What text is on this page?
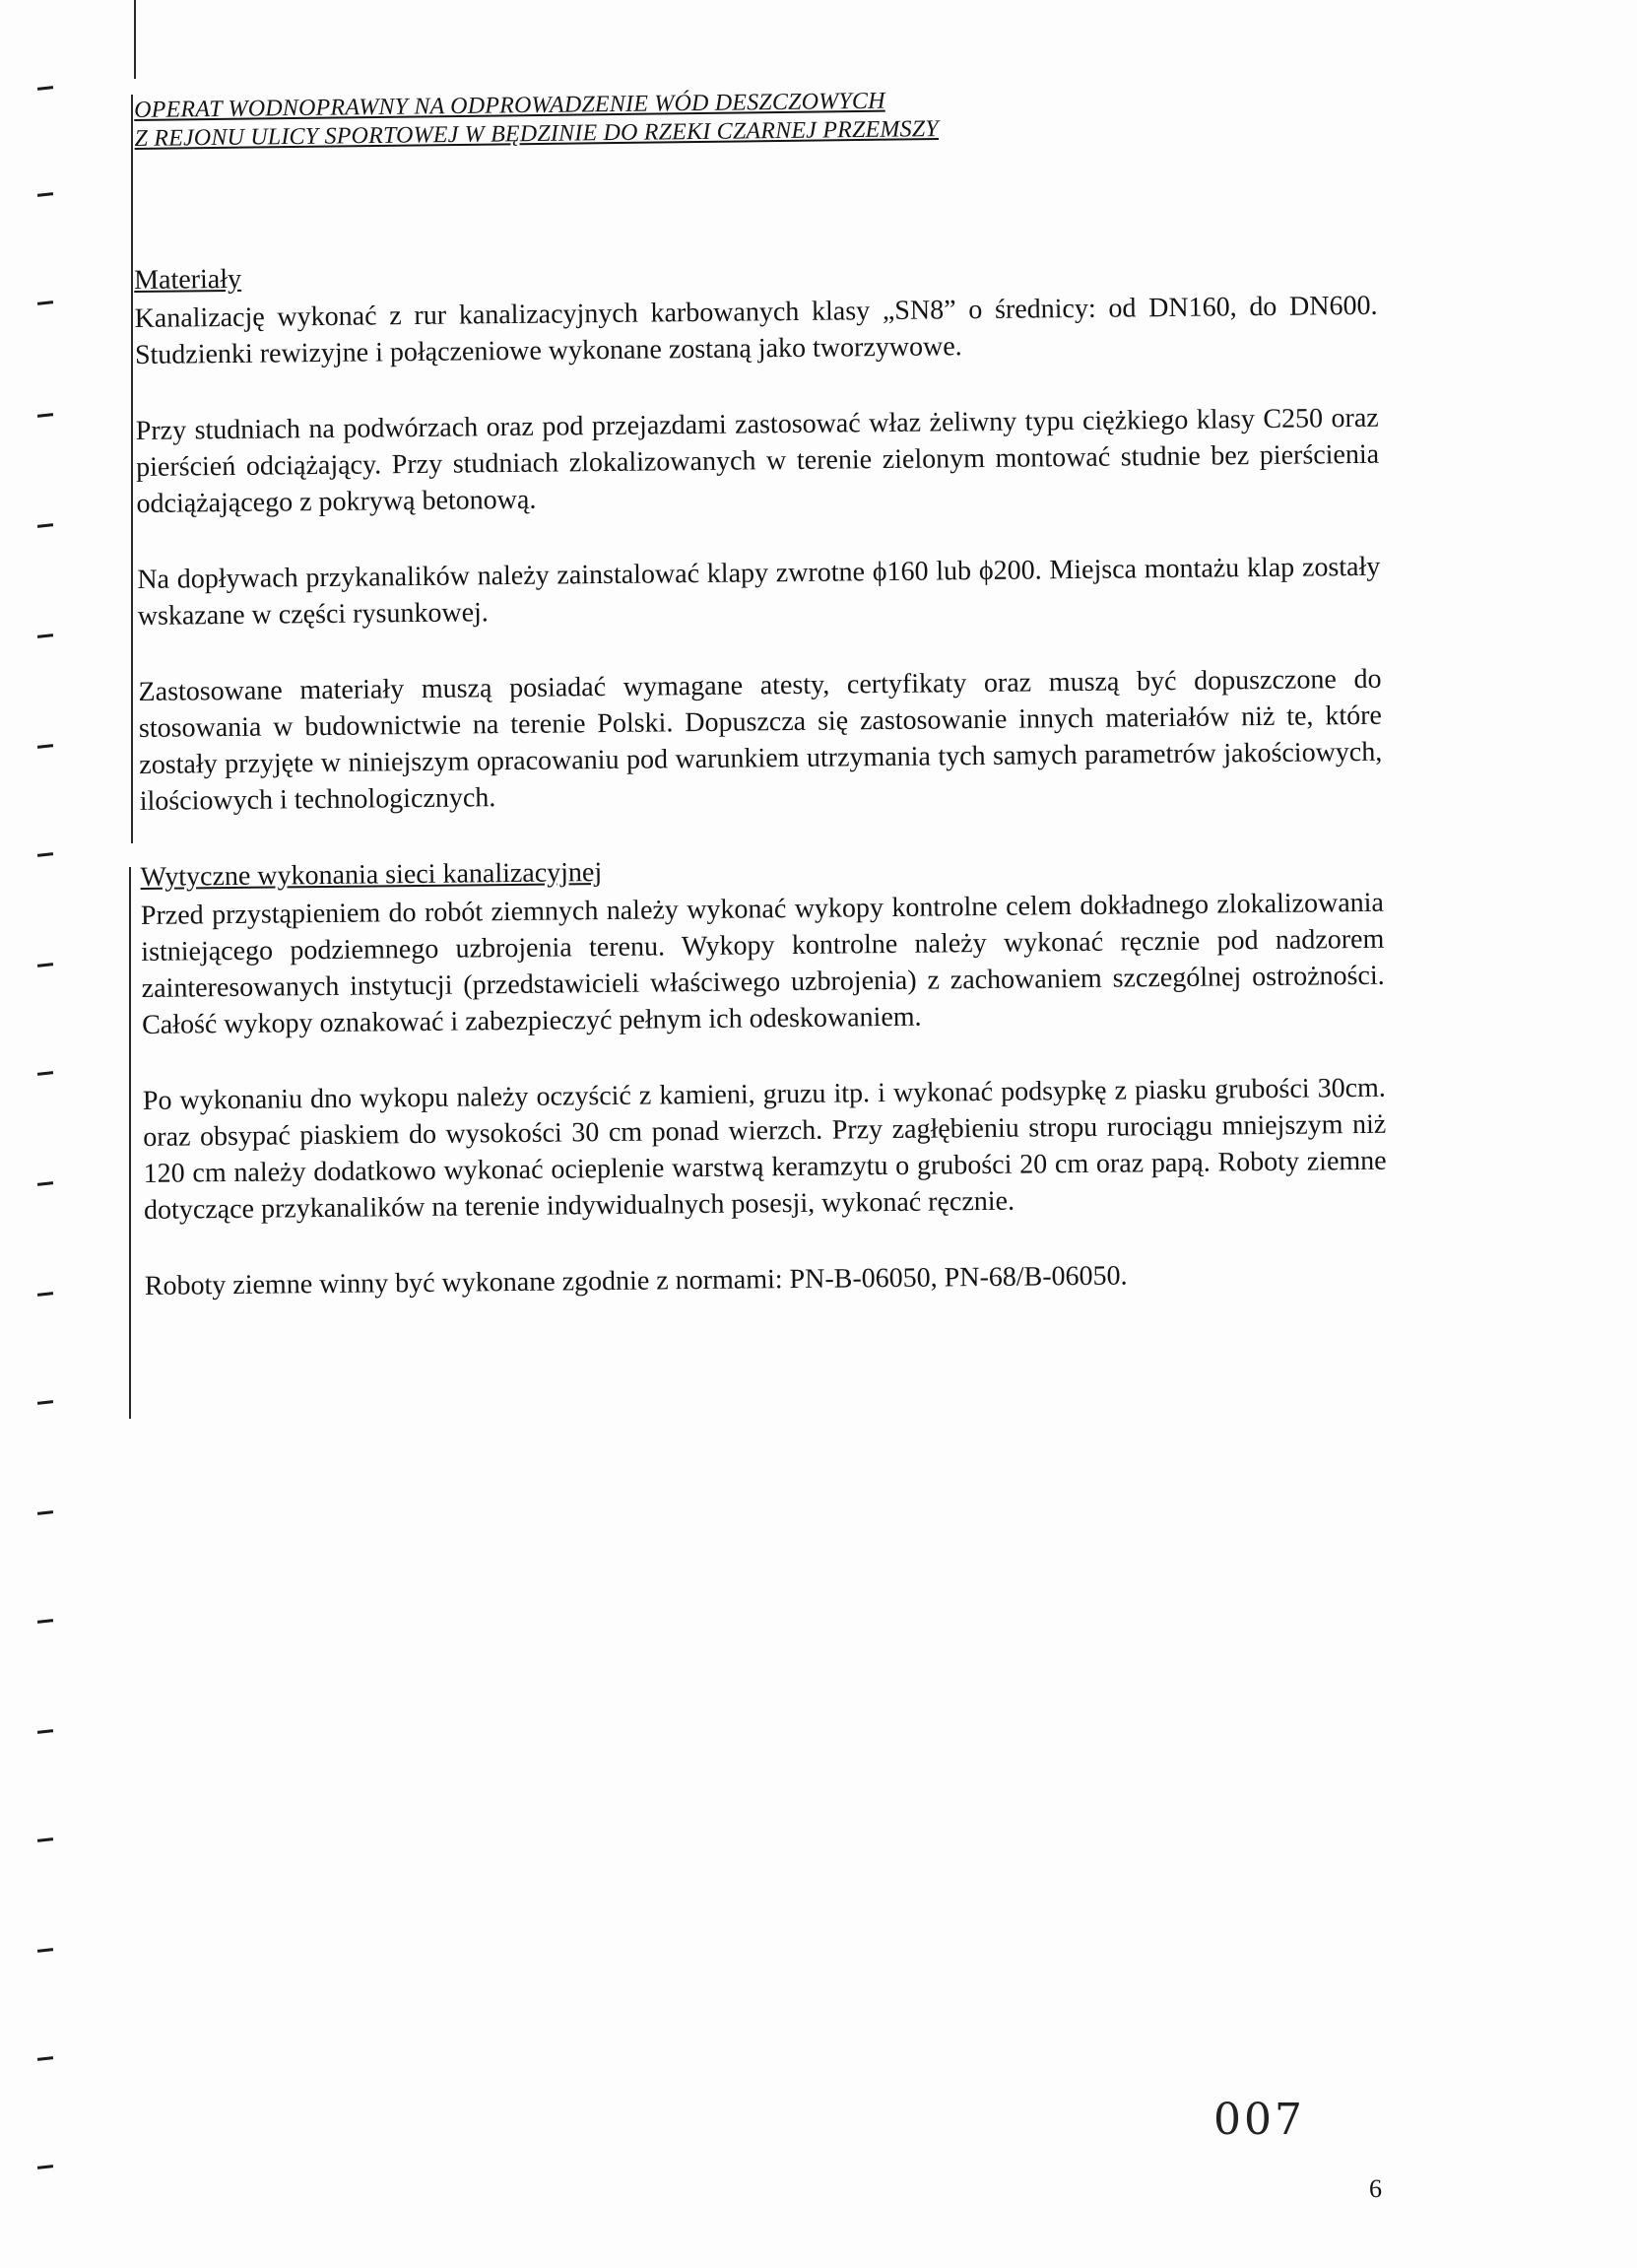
OPERAT WODNOPRAWNY NA ODPROWADZENIE WÓD DESZCZOWYCH
Z REJONU ULICY SPORTOWEJ W BĘDZINIE DO RZEKI CZARNEJ PRZEMSZY
Materiały

Kanalizację wykonać z rur kanalizacyjnych karbowanych klasy „SN8” o średnicy: od DN160, do DN600. Studzienki rewizyjne i połączeniowe wykonane zostaną jako tworzywowe.

Przy studniach na podwórzach oraz pod przejazdami zastosować właz żeliwny typu ciężkiego klasy C250 oraz pierścień odciążający. Przy studniach zlokalizowanych w terenie zielonym montować studnie bez pierścienia odciążającego z pokrywą betonową.

Na dopływach przykanalików należy zainstalować klapy zwrotne ϕ160 lub ϕ200. Miejsca montażu klap zostały wskazane w części rysunkowej.

Zastosowane materiały muszą posiadać wymagane atesty, certyfikaty oraz muszą być dopuszczone do stosowania w budownictwie na terenie Polski. Dopuszcza się zastosowanie innych materiałów niż te, które zostały przyjęte w niniejszym opracowaniu pod warunkiem utrzymania tych samych parametrów jakościowych, ilościowych i technologicznych.

Wytyczne wykonania sieci kanalizacyjnej

Przed przystąpieniem do robót ziemnych należy wykonać wykopy kontrolne celem dokładnego zlokalizowania istniejącego podziemnego uzbrojenia terenu. Wykopy kontrolne należy wykonać ręcznie pod nadzorem zainteresowanych instytucji (przedstawicieli właściwego uzbrojenia) z zachowaniem szczególnej ostrożności. Całość wykopy oznakować i zabezpieczyć pełnym ich odeskowaniem.

Po wykonaniu dno wykopu należy oczyścić z kamieni, gruzu itp. i wykonać podsypkę z piasku grubości 30cm. oraz obsypać piaskiem do wysokości 30 cm ponad wierzch. Przy zagłębieniu stropu rurociągu mniejszym niż 120 cm należy dodatkowo wykonać ocieplenie warstwą keramzytu o grubości 20 cm oraz papą. Roboty ziemne dotyczące przykanalików na terenie indywidualnych posesji, wykonać ręcznie.

Roboty ziemne winny być wykonane zgodnie z normami: PN-B-06050, PN-68/B-06050.

007
6
